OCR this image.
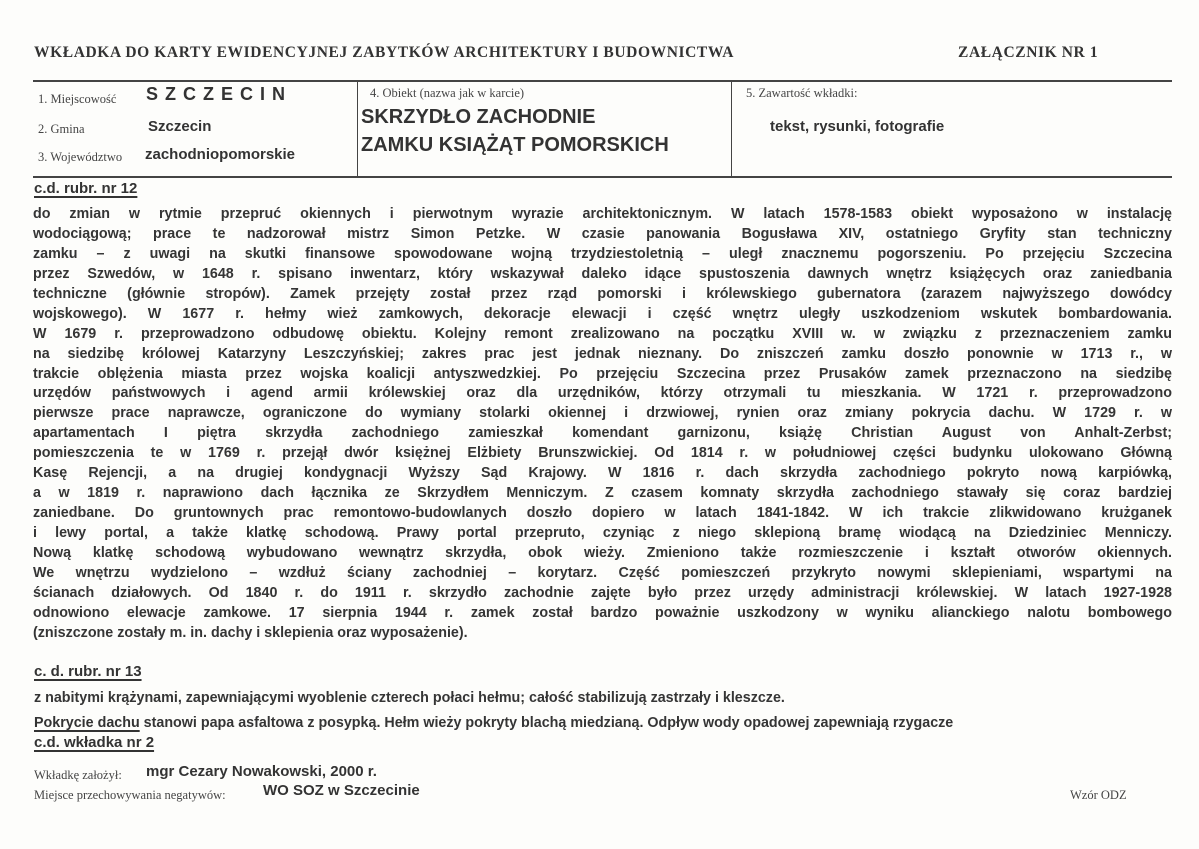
WKŁADKA DO KARTY EWIDENCYJNEJ ZABYTKÓW ARCHITEKTURY I BUDOWNICTWA	ZAŁĄCZNIK NR 1
1. Miejscowość S Z C Z E C I N
2. Gmina	Szczecin
3. Województwo zachodniopomorskie
4. Obiekt (nazwa jak w karcie)
SKRZYDŁO ZACHODNIE
ZAMKU KSIĄŻĄT POMORSKICH
5. Zawartość wkładki:
tekst, rysunki, fotografie
c.d. rubr. nr 12
do zmian w rytmie przepruć okiennych i pierwotnym wyrazie architektonicznym. W latach 1578-1583 obiekt wyposażono w instalację
wodociągową; prace te nadzorował mistrz Simon Petzke. W czasie panowania Bogusława XIV, ostatniego Gryfity stan techniczny
zamku – z uwagi na skutki finansowe spowodowane wojną trzydziestoletnią – uległ znacznemu pogorszeniu. Po przejęciu Szczecina
przez Szwedów, w 1648 r. spisano inwentarz, który wskazywał daleko idące spustoszenia dawnych wnętrz książęcych oraz zaniedbania
techniczne (głównie stropów). Zamek przejęty został przez rząd pomorski i królewskiego gubernatora (zarazem najwyższego dowódcy
wojskowego). W 1677 r. hełmy wież zamkowych, dekoracje elewacji i część wnętrz uległy uszkodzeniom wskutek bombardowania.
W 1679 r. przeprowadzono odbudowę obiektu. Kolejny remont zrealizowano na początku XVIII w. w związku z przeznaczeniem zamku
na siedzibę królowej Katarzyny Leszczyńskiej; zakres prac jest jednak nieznany. Do zniszczeń zamku doszło ponownie w 1713 r., w
trakcie oblężenia miasta przez wojska koalicji antyszwedzkiej. Po przejęciu Szczecina przez Prusaków zamek przeznaczono na siedzibę
urzędów państwowych i agend armii królewskiej oraz dla urzędników, którzy otrzymali tu mieszkania. W 1721 r. przeprowadzono
pierwsze prace naprawcze, ograniczone do wymiany stolarki okiennej i drzwiowej, rynien oraz zmiany pokrycia dachu. W 1729 r. w
apartamentach I piętra skrzydła zachodniego zamieszkał komendant garnizonu, książę Christian August von Anhalt-Zerbst;
pomieszczenia te w 1769 r. przejął dwór księżnej Elżbiety Brunszwickiej. Od 1814 r. w południowej części budynku ulokowano Główną
Kasę Rejencji, a na drugiej kondygnacji Wyższy Sąd Krajowy. W 1816 r. dach skrzydła zachodniego pokryto nową karpiówką,
a w 1819 r. naprawiono dach łącznika ze Skrzydłem Menniczym. Z czasem komnaty skrzydła zachodniego stawały się coraz bardziej
zaniedbane. Do gruntownych prac remontowo-budowlanych doszło dopiero w latach 1841-1842. W ich trakcie zlikwidowano krużganek
i lewy portal, a także klatkę schodową. Prawy portal przepruto, czyniąc z niego sklepioną bramę wiodącą na Dziedziniec Menniczy.
Nową klatkę schodową wybudowano wewnątrz skrzydła, obok wieży. Zmieniono także rozmieszczenie i kształt otworów okiennych.
We wnętrzu wydzielono – wzdłuż ściany zachodniej – korytarz. Część pomieszczeń przykryto nowymi sklepieniami, wspartymi na
ścianach działowych. Od 1840 r. do 1911 r. skrzydło zachodnie zajęte było przez urzędy administracji królewskiej. W latach 1927-1928
odnowiono elewacje zamkowe. 17 sierpnia 1944 r. zamek został bardzo poważnie uszkodzony w wyniku alianckiego nalotu bombowego
(zniszczone zostały m. in. dachy i sklepienia oraz wyposażenie).
c. d. rubr. nr 13
z nabitymi krążynami, zapewniającymi wyoblenie czterech połaci hełmu; całość stabilizują zastrzały i kleszcze.
Pokrycie dachu stanowi papa asfaltowa z posypką. Hełm wieży pokryty blachą miedzianą. Odpływ wody opadowej zapewniają rzygacze
c.d. wkładka nr 2
Wkładkę założył: mgr Cezary Nowakowski, 2000 r.
Miejsce przechowywania negatywów: WO SOZ w Szczecinie	Wzór ODZ
